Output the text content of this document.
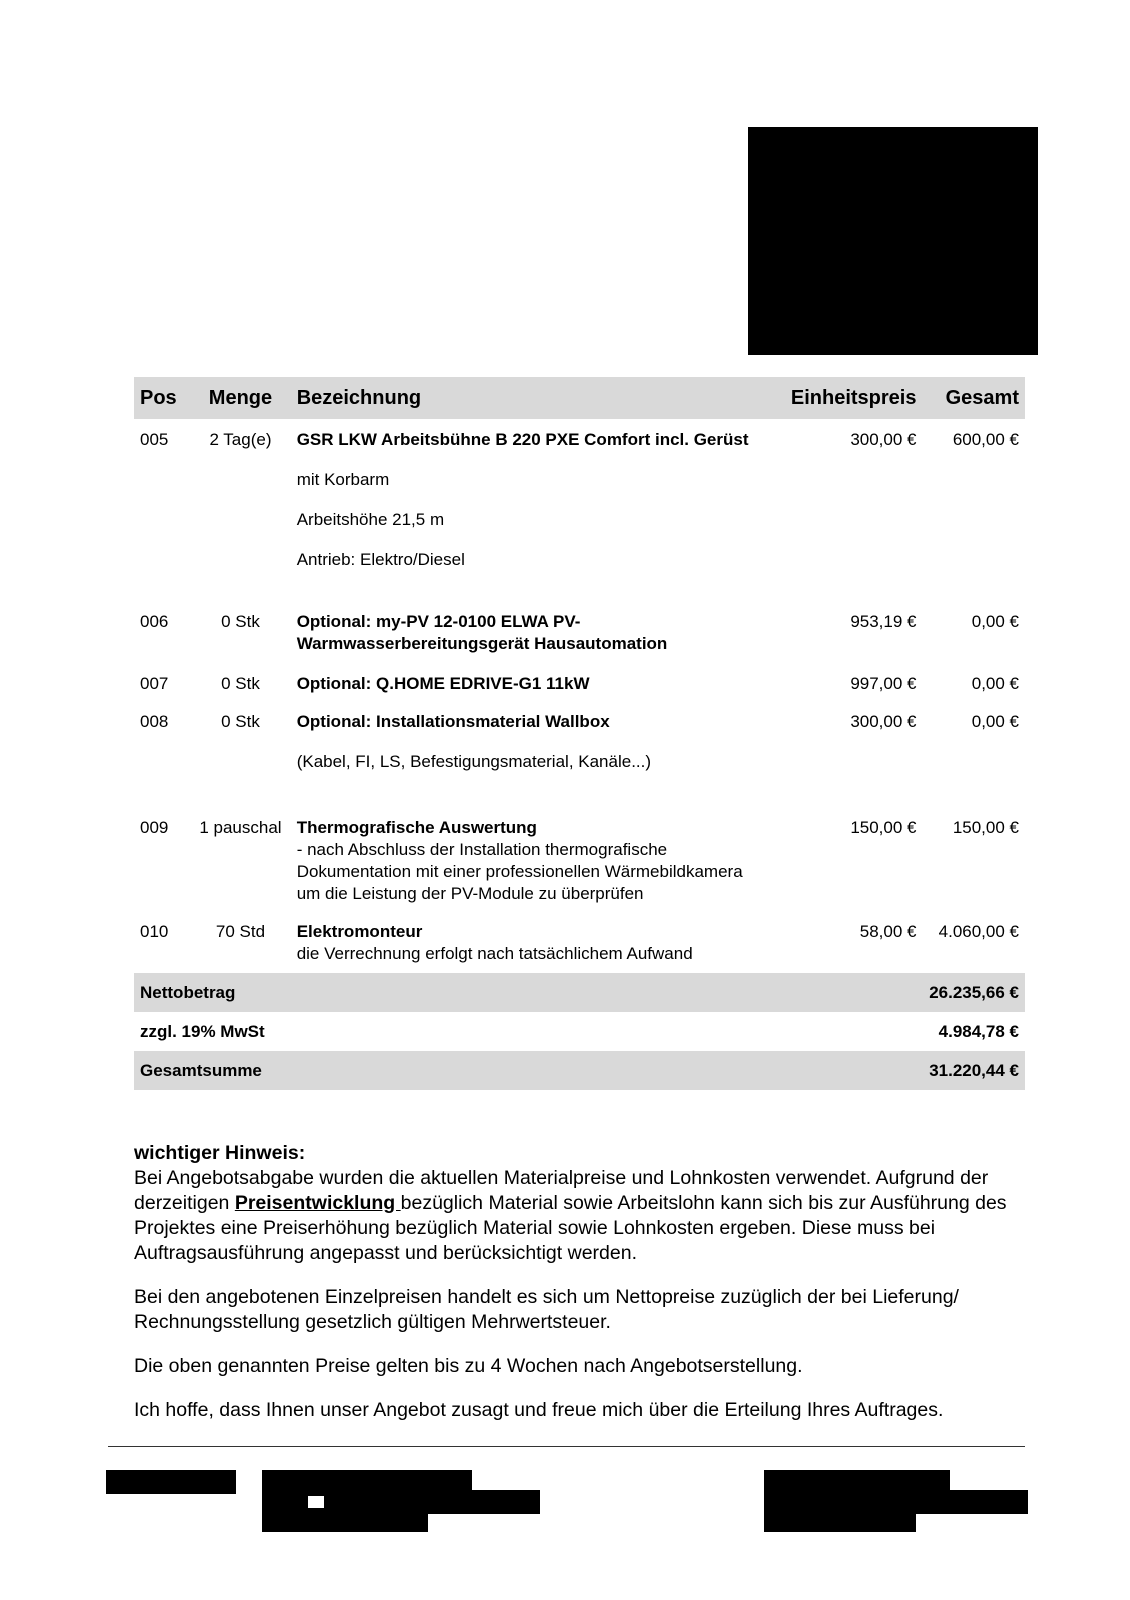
Pos	Menge	Bezeichnung	Einheitspreis	Gesamt
005	2 Tag(e)	GSR LKW Arbeitsbühne B 220 PXE Comfort incl. Gerüst
mit Korbarm
Arbeitshöhe 21,5 m
Antrieb: Elektro/Diesel	300,00 €	600,00 €
006	0 Stk	Optional: my-PV 12-0100 ELWA PV-Warmwasserbereitungsgerät Hausautomation	953,19 €	0,00 €
007	0 Stk	Optional: Q.HOME EDRIVE-G1 11kW	997,00 €	0,00 €
008	0 Stk	Optional: Installationsmaterial Wallbox
(Kabel, FI, LS, Befestigungsmaterial, Kanäle...)	300,00 €	0,00 €
009	1 pauschal	Thermografische Auswertung
- nach Abschluss der Installation thermografische Dokumentation mit einer professionellen Wärmebildkamera um die Leistung der PV-Module zu überprüfen	150,00 €	150,00 €
010	70 Std	Elektromonteur
die Verrechnung erfolgt nach tatsächlichem Aufwand	58,00 €	4.060,00 €
Nettobetrag				26.235,66 €
zzgl. 19% MwSt				4.984,78 €
Gesamtsumme				31.220,44 €
wichtiger Hinweis:

Bei Angebotsabgabe wurden die aktuellen Materialpreise und Lohnkosten verwendet. Aufgrund der derzeitigen Preisentwicklung bezüglich Material sowie Arbeitslohn kann sich bis zur Ausführung des Projektes eine Preiserhöhung bezüglich Material sowie Lohnkosten ergeben. Diese muss bei Auftragsausführung angepasst und berücksichtigt werden.

Bei den angebotenen Einzelpreisen handelt es sich um Nettopreise zuzüglich der bei Lieferung/ Rechnungsstellung gesetzlich gültigen Mehrwertsteuer.

Die oben genannten Preise gelten bis zu 4 Wochen nach Angebotserstellung.

Ich hoffe, dass Ihnen unser Angebot zusagt und freue mich über die Erteilung Ihres Auftrages.
